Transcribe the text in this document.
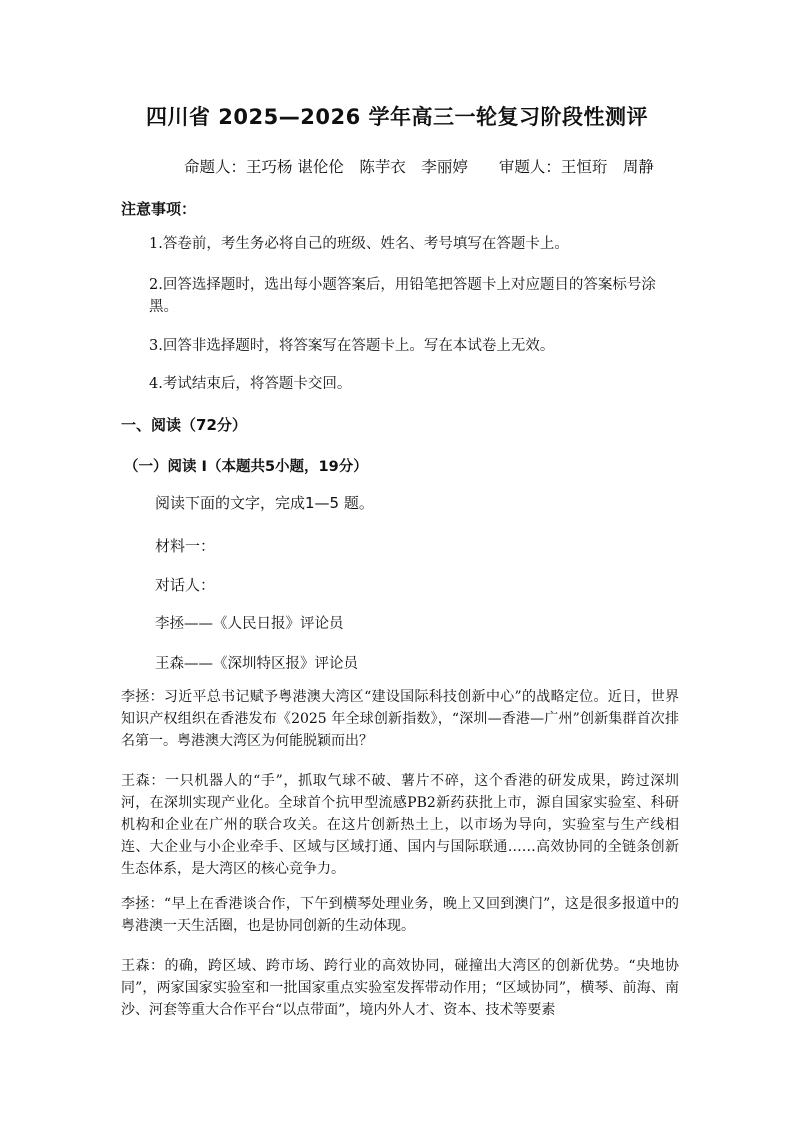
四川省 2025—2026 学年高三一轮复习阶段性测评
命题人：王巧杨 谌伦伦　陈芋衣　李丽婷　　审题人：王恒珩　周静
注意事项：
1.答卷前，考生务必将自己的班级、姓名、考号填写在答题卡上。
2.回答选择题时，选出每小题答案后，用铅笔把答题卡上对应题目的答案标号涂黑。
3.回答非选择题时，将答案写在答题卡上。写在本试卷上无效。
4.考试结束后，将答题卡交回。
一、阅读（72分）
（一）阅读 Ⅰ（本题共5小题，19分）
阅读下面的文字，完成1—5 题。
材料一：
对话人：
李拯——《人民日报》评论员
王森——《深圳特区报》评论员
李拯：习近平总书记赋予粤港澳大湾区“建设国际科技创新中心”的战略定位。近日，世界知识产权组织在香港发布《2025 年全球创新指数》，“深圳—香港—广州”创新集群首次排名第一。粤港澳大湾区为何能脱颖而出？
王森：一只机器人的“手”，抓取气球不破、薯片不碎，这个香港的研发成果，跨过深圳河，在深圳实现产业化。全球首个抗甲型流感PB2新药获批上市，源自国家实验室、科研机构和企业在广州的联合攻关。在这片创新热土上，以市场为导向，实验室与生产线相连、大企业与小企业牵手、区域与区域打通、国内与国际联通……高效协同的全链条创新生态体系，是大湾区的核心竞争力。
李拯：“早上在香港谈合作，下午到横琴处理业务，晚上又回到澳门”，这是很多报道中的粤港澳一天生活圈，也是协同创新的生动体现。
王森：的确，跨区域、跨市场、跨行业的高效协同，碰撞出大湾区的创新优势。“央地协同”，两家国家实验室和一批国家重点实验室发挥带动作用；“区域协同”，横琴、前海、南沙、河套等重大合作平台“以点带面”，境内外人才、资本、技术等要素
